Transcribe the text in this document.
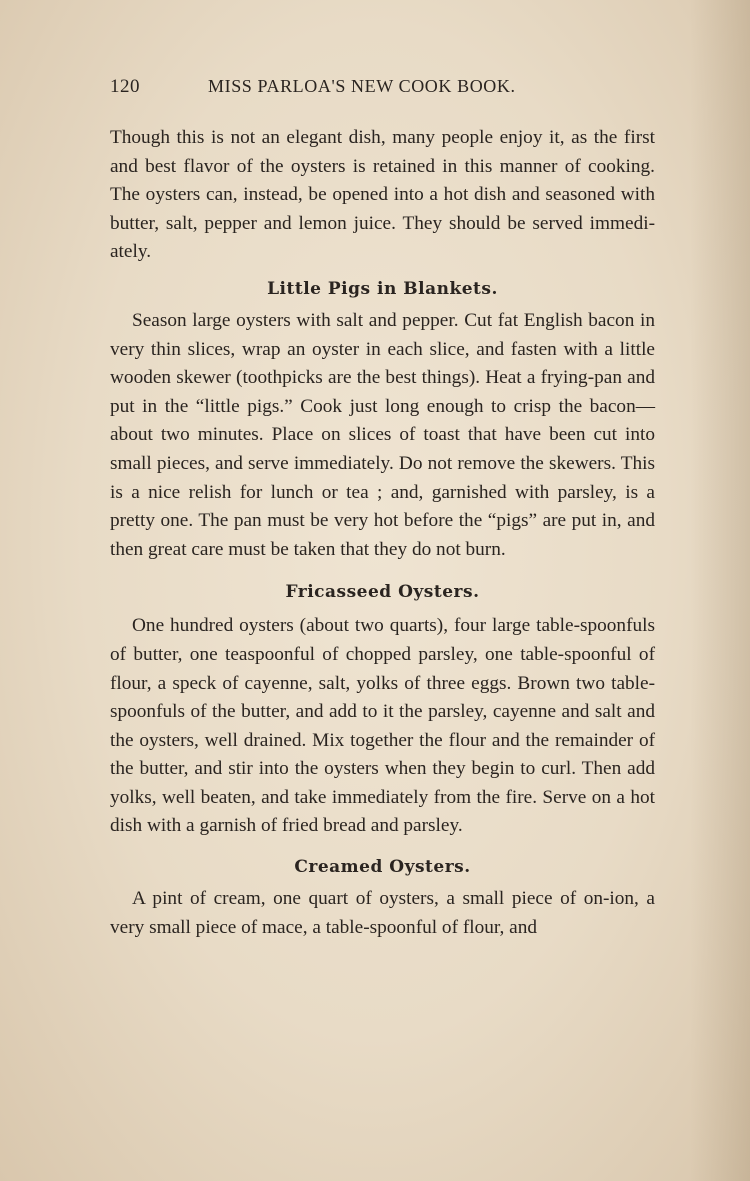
120	MISS PARLOA'S NEW COOK BOOK.

Though this is not an elegant dish, many people enjoy it, as the first and best flavor of the oysters is retained in this manner of cooking. The oysters can, instead, be opened into a hot dish and seasoned with butter, salt, pepper and lemon juice. They should be served immedi-ately.

Little Pigs in Blankets.

Season large oysters with salt and pepper. Cut fat English bacon in very thin slices, wrap an oyster in each slice, and fasten with a little wooden skewer (toothpicks are the best things). Heat a frying-pan and put in the “little pigs.” Cook just long enough to crisp the bacon—about two minutes. Place on slices of toast that have been cut into small pieces, and serve immediately. Do not remove the skewers. This is a nice relish for lunch or tea ; and, garnished with parsley, is a pretty one. The pan must be very hot before the “pigs” are put in, and then great care must be taken that they do not burn.

Fricasseed Oysters.

One hundred oysters (about two quarts), four large table-spoonfuls of butter, one teaspoonful of chopped parsley, one table-spoonful of flour, a speck of cayenne, salt, yolks of three eggs. Brown two table-spoonfuls of the butter, and add to it the parsley, cayenne and salt and the oysters, well drained. Mix together the flour and the remainder of the butter, and stir into the oysters when they begin to curl. Then add yolks, well beaten, and take immediately from the fire. Serve on a hot dish with a garnish of fried bread and parsley.

Creamed Oysters.

A pint of cream, one quart of oysters, a small piece of on-ion, a very small piece of mace, a table-spoonful of flour, and
